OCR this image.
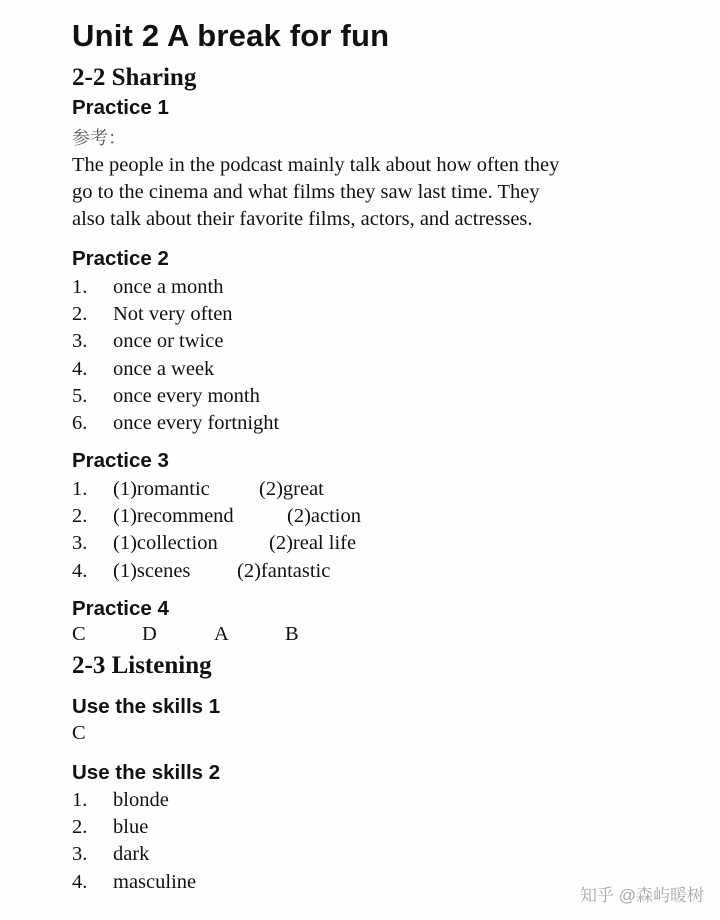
Unit 2 A break for fun
2-2 Sharing
Practice 1
参考：
The people in the podcast mainly talk about how often they
go to the cinema and what films they saw last time. They
also talk about their favorite films, actors, and actresses.
Practice 2
1. once a month
2. Not very often
3. once or twice
4. once a week
5. once every month
6. once every fortnight
Practice 3
1. (1)romantic (2)great
2. (1)recommend	(2)action
3. (1)collection	(2)real life
4. (1)scenes (2)fantastic
Practice 4
C	D	A	B
2-3 Listening
Use the skills 1
C
Use the skills 2
1. blonde
2. blue
3. dark
4. masculine
知乎 @森屿暖树
